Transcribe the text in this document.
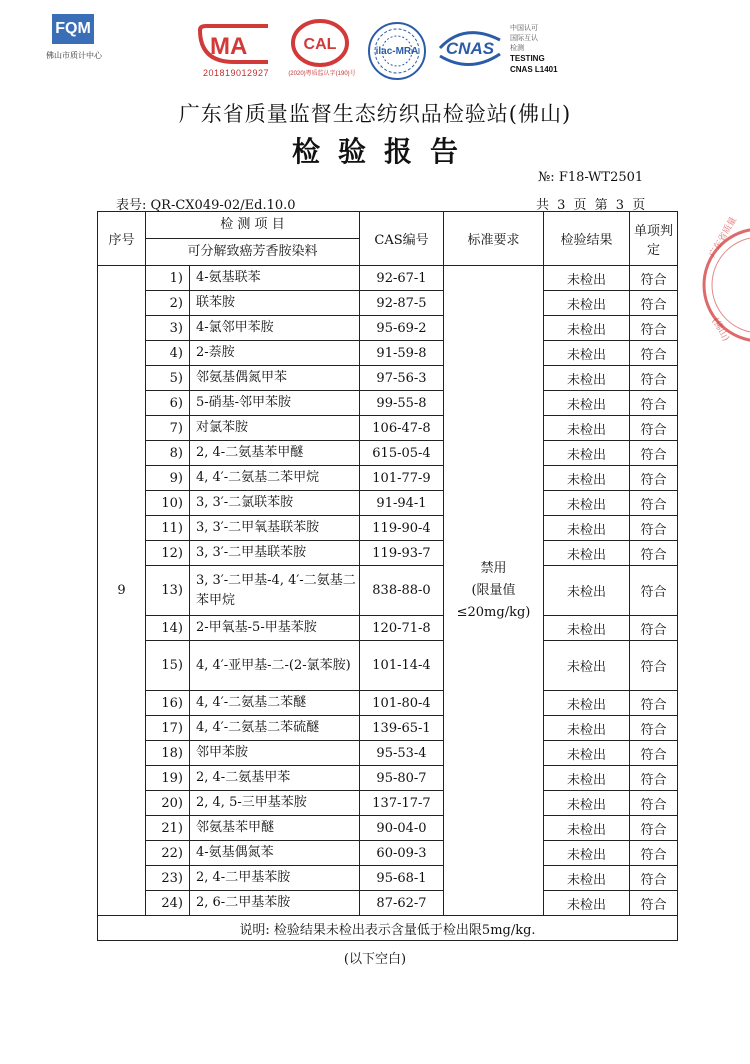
FQM
佛山市质计中心	MA
201819012927
CAL
(2020)粤质监认字(190)号
ilac-MRA CNAS
中国认可
国际互认
检测
TESTING
CNAS L1401
广东省质量
(佛山)
广东省质量监督生态纺织品检验站(佛山)
检验报告
№: F18-WT2501
表号: QR-CX049-02/Ed.10.0	共 3 页 第 3 页
序号	检 测 项 目		CAS编号	标准要求	检验结果	单项判定
	可分解致癌芳香胺染料					
9	1)	4-氨基联苯	92-67-1	禁用
(限量值
≤20mg/kg)	未检出	符合
	2)	联苯胺	92-87-5		未检出	符合
	3)	4-氯邻甲苯胺	95-69-2		未检出	符合
	4)	2-萘胺	91-59-8		未检出	符合
	5)	邻氨基偶氮甲苯	97-56-3		未检出	符合
	6)	5-硝基-邻甲苯胺	99-55-8		未检出	符合
	7)	对氯苯胺	106-47-8		未检出	符合
	8)	2, 4-二氨基苯甲醚	615-05-4		未检出	符合
	9)	4, 4′-二氨基二苯甲烷	101-77-9		未检出	符合
	10)	3, 3′-二氯联苯胺	91-94-1		未检出	符合
	11)	3, 3′-二甲氧基联苯胺	119-90-4		未检出	符合
	12)	3, 3′-二甲基联苯胺	119-93-7		未检出	符合
	13)	3, 3′-二甲基-4, 4′-二氨基二苯甲烷	838-88-0		未检出	符合
	14)	2-甲氧基-5-甲基苯胺	120-71-8		未检出	符合
	15)	4, 4′-亚甲基-二-(2-氯苯胺)	101-14-4		未检出	符合
	16)	4, 4′-二氨基二苯醚	101-80-4		未检出	符合
	17)	4, 4′-二氨基二苯硫醚	139-65-1		未检出	符合
	18)	邻甲苯胺	95-53-4		未检出	符合
	19)	2, 4-二氨基甲苯	95-80-7		未检出	符合
	20)	2, 4, 5-三甲基苯胺	137-17-7		未检出	符合
	21)	邻氨基苯甲醚	90-04-0		未检出	符合
	22)	4-氨基偶氮苯	60-09-3		未检出	符合
	23)	2, 4-二甲基苯胺	95-68-1		未检出	符合
	24)	2, 6-二甲基苯胺	87-62-7		未检出	符合
说明: 检验结果未检出表示含量低于检出限5mg/kg.						
(以下空白)
